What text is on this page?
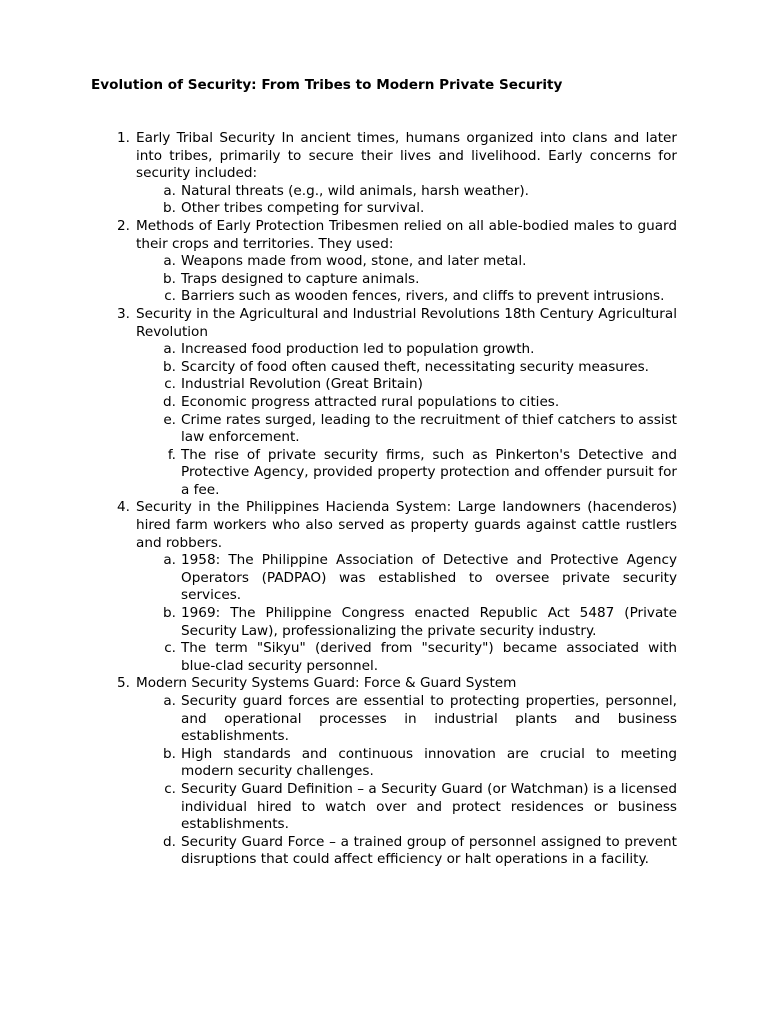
Evolution of Security: From Tribes to Modern Private Security
1. Early Tribal Security In ancient times, humans organized into clans and later into tribes, primarily to secure their lives and livelihood. Early concerns for security included:
a. Natural threats (e.g., wild animals, harsh weather).
b. Other tribes competing for survival.
2. Methods of Early Protection Tribesmen relied on all able-bodied males to guard their crops and territories. They used:
a. Weapons made from wood, stone, and later metal.
b. Traps designed to capture animals.
c. Barriers such as wooden fences, rivers, and cliffs to prevent intrusions.
3. Security in the Agricultural and Industrial Revolutions 18th Century Agricultural Revolution
a. Increased food production led to population growth.
b. Scarcity of food often caused theft, necessitating security measures.
c. Industrial Revolution (Great Britain)
d. Economic progress attracted rural populations to cities.
e. Crime rates surged, leading to the recruitment of thief catchers to assist law enforcement.
f. The rise of private security firms, such as Pinkerton's Detective and Protective Agency, provided property protection and offender pursuit for a fee.
4. Security in the Philippines Hacienda System: Large landowners (hacenderos) hired farm workers who also served as property guards against cattle rustlers and robbers.
a. 1958: The Philippine Association of Detective and Protective Agency Operators (PADPAO) was established to oversee private security services.
b. 1969: The Philippine Congress enacted Republic Act 5487 (Private Security Law), professionalizing the private security industry.
c. The term "Sikyu" (derived from "security") became associated with blue-clad security personnel.
5. Modern Security Systems Guard: Force & Guard System
a. Security guard forces are essential to protecting properties, personnel, and operational processes in industrial plants and business establishments.
b. High standards and continuous innovation are crucial to meeting modern security challenges.
c. Security Guard Definition – a Security Guard (or Watchman) is a licensed individual hired to watch over and protect residences or business establishments.
d. Security Guard Force – a trained group of personnel assigned to prevent disruptions that could affect efficiency or halt operations in a facility.
